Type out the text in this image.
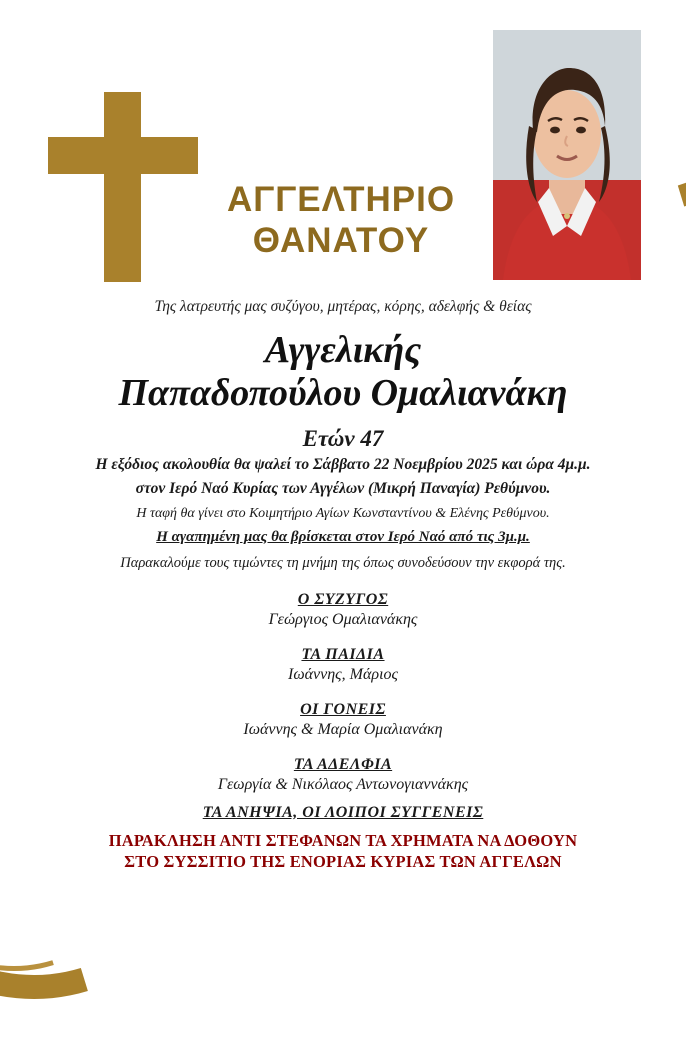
ΑΓΓΕΛΤΗΡΙΟ
ΘΑΝΑΤΟΥ
Της λατρευτής μας συζύγου, μητέρας, κόρης, αδελφής & θείας
Αγγελικής
Παπαδοπούλου Ομαλιανάκη
Ετών 47
Η εξόδιος ακολουθία θα ψαλεί το Σάββατο 22 Νοεμβρίου 2025 και ώρα 4μ.μ.
στον Ιερό Ναό Κυρίας των Αγγέλων (Μικρή Παναγία) Ρεθύμνου.
Η ταφή θα γίνει στο Κοιμητήριο Αγίων Κωνσταντίνου & Ελένης Ρεθύμνου.
Η αγαπημένη μας θα βρίσκεται στον Ιερό Ναό από τις 3μ.μ.
Παρακαλούμε τους τιμώντες τη μνήμη της όπως συνοδεύσουν την εκφορά της.
Ο ΣΥΖΥΓΟΣ
Γεώργιος Ομαλιανάκης
ΤΑ ΠΑΙΔΙΑ
Ιωάννης, Μάριος
ΟΙ ΓΟΝΕΙΣ
Ιωάννης & Μαρία Ομαλιανάκη
ΤΑ ΑΔΕΛΦΙΑ
Γεωργία & Νικόλαος Αντωνογιαννάκης
ΤΑ ΑΝΗΨΙΑ, ΟΙ ΛΟΙΠΟΙ ΣΥΓΓΕΝΕΙΣ
ΠΑΡΑΚΛΗΣΗ ΑΝΤΙ ΣΤΕΦΑΝΩΝ ΤΑ ΧΡΗΜΑΤΑ ΝΑ ΔΟΘΟΥΝ
ΣΤΟ ΣΥΣΣΙΤΙΟ ΤΗΣ ΕΝΟΡΙΑΣ ΚΥΡΙΑΣ ΤΩΝ ΑΓΓΕΛΩΝ
